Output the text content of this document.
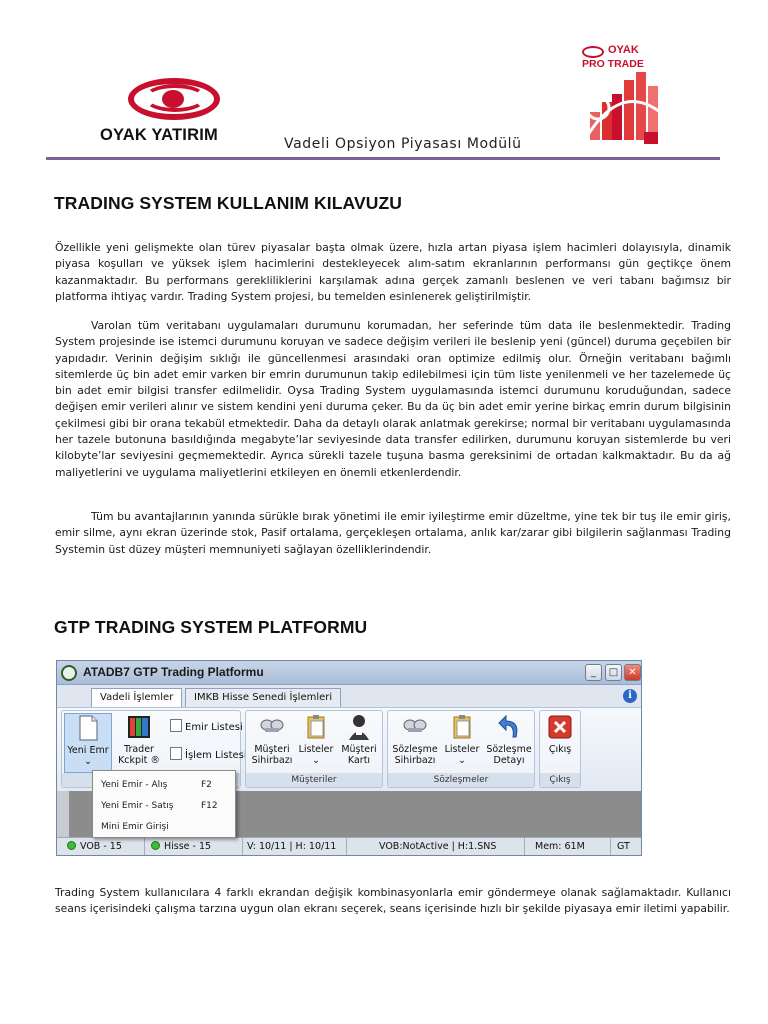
OYAK YATIRIM
OYAK
PRO TRADE
Vadeli Opsiyon Piyasası Modülü
TRADING SYSTEM KULLANIM KILAVUZU
Özellikle yeni gelişmekte olan türev piyasalar başta olmak üzere, hızla artan piyasa işlem hacimleri dolayısıyla, dinamik piyasa koşulları ve yüksek işlem hacimlerini destekleyecek alım-satım ekranlarının performansı gün geçtikçe önem kazanmaktadır. Bu performans gerekliliklerini karşılamak adına gerçek zamanlı beslenen ve veri tabanı bağımsız bir platforma ihtiyaç vardır. Trading System projesi, bu temelden esinlenerek geliştirilmiştir.
Varolan tüm veritabanı uygulamaları durumunu korumadan, her seferinde tüm data ile beslenmektedir. Trading System projesinde ise istemci durumunu koruyan ve sadece değişim verileri ile beslenip yeni (güncel) duruma geçebilen bir yapıdadır. Verinin değişim sıklığı ile güncellenmesi arasındaki oran optimize edilmiş olur. Örneğin veritabanı bağımlı sitemlerde üç bin adet emir varken bir emrin durumunun takip edilebilmesi için tüm liste yenilenmeli ve her tazelemede üç bin adet emir bilgisi transfer edilmelidir. Oysa Trading System uygulamasında istemci durumunu koruduğundan, sadece değişen emir verileri alınır ve sistem kendini yeni duruma çeker. Bu da üç bin adet emir yerine birkaç emrin durum bilgisinin çekilmesi gibi bir orana tekabül etmektedir. Daha da detaylı olarak anlatmak gerekirse; normal bir veritabanı uygulamasında her tazele butonuna basıldığında megabyte’lar seviyesinde data transfer edilirken, durumunu koruyan sistemlerde bu veri kilobyte’lar seviyesini geçmemektedir. Ayrıca sürekli tazele tuşuna basma gereksinimi de ortadan kalkmaktadır. Bu da ağ maliyetlerini ve uygulama maliyetlerini etkileyen en önemli etkenlerdendir.
Tüm bu avantajlarının yanında sürükle bırak yönetimi ile emir iyileştirme emir düzeltme, yine tek bir tuş ile emir giriş, emir silme, aynı ekran üzerinde stok, Pasif ortalama, gerçekleşen ortalama, anlık kar/zarar gibi bilgilerin sağlanması Trading Systemin üst düzey müşteri memnuniyeti sağlayan özelliklerindendir.
GTP TRADING SYSTEM PLATFORMU
ATADB7 GTP Trading Platformu	_	□	✕
Vadeli İşlemler	IMKB Hisse Senedi İşlemleri	i
Yeni Emr
⌄
Trader
Kckpit ®
Emir Listesi
İşlem Listesi
Müşteri
Sihirbazı
Listeler
⌄
Müşteri
Kartı
Müşteriler
Sözleşme
Sihirbazı
Listeler
⌄
Sözleşme
Detayı
Sözleşmeler
Çıkış
Çıkış
VOB - 15	Hisse - 15	V: 10/11 | H: 10/11	VOB:NotActive | H:1.SNS	Mem: 61M	GT
Yeni Emir - Alış	F2
Yeni Emir - Satış	F12
Mini Emir Girişi
Trading System kullanıcılara 4 farklı ekrandan değişik kombinasyonlarla emir göndermeye olanak sağlamaktadır. Kullanıcı seans içerisindeki çalışma tarzına uygun olan ekranı seçerek, seans içerisinde hızlı bir şekilde piyasaya emir iletimi yapabilir.
